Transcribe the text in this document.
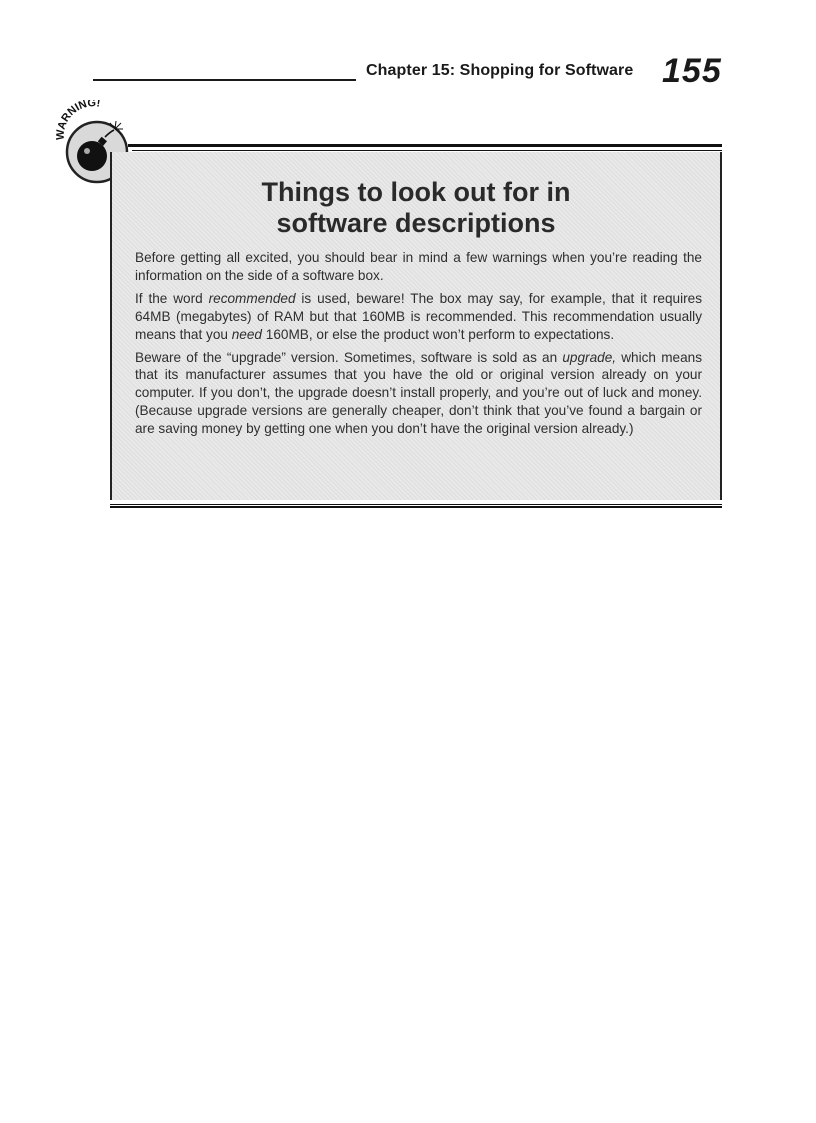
Chapter 15: Shopping for Software 155
WARNING!
Things to look out for in
software descriptions

Before getting all excited, you should bear in mind a few warnings when you’re reading the information on the side of a software box.

If the word recommended is used, beware! The box may say, for example, that it requires 64MB (megabytes) of RAM but that 160MB is recommended. This recommendation usually means that you need 160MB, or else the product won’t perform to expectations.

Beware of the “upgrade” version. Sometimes, software is sold as an upgrade, which means that its manufacturer assumes that you have the old or original version already on your computer. If you don’t, the upgrade doesn’t install properly, and you’re out of luck and money. (Because upgrade versions are generally cheaper, don’t think that you’ve found a bargain or are saving money by getting one when you don’t have the original version already.)
